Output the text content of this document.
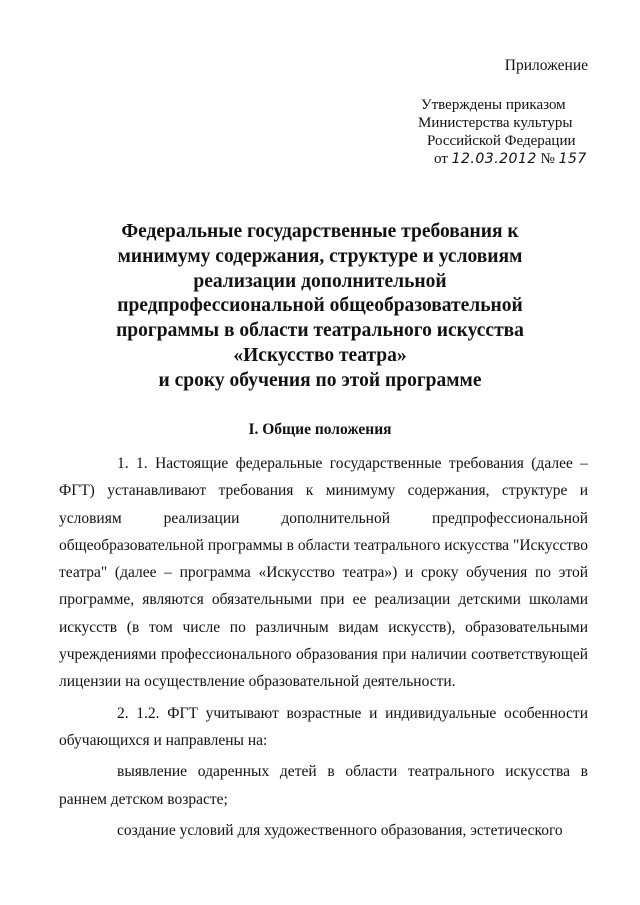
Приложение

Утверждены приказом
Министерства культуры
Российской Федерации
от 12.03.2012 № 157
Федеральные государственные требования к
минимуму содержания, структуре и условиям
реализации дополнительной
предпрофессиональной общеобразовательной
программы в области театрального искусства
«Искусство театра»
и сроку обучения по этой программе
I. Общие положения

1. 1. Настоящие федеральные государственные требования (далее – ФГТ) устанавливают требования к минимуму содержания, структуре и условиям реализации дополнительной предпрофессиональной общеобразовательной программы в области театрального искусства "Искусство театра" (далее – программа «Искусство театра») и сроку обучения по этой программе, являются обязательными при ее реализации детскими школами искусств (в том числе по различным видам искусств), образовательными учреждениями профессионального образования при наличии соответствующей лицензии на осуществление образовательной деятельности.

2. 1.2. ФГТ учитывают возрастные и индивидуальные особенности обучающихся и направлены на:

выявление одаренных детей в области театрального искусства в раннем детском возрасте;

создание условий для художественного образования, эстетического
